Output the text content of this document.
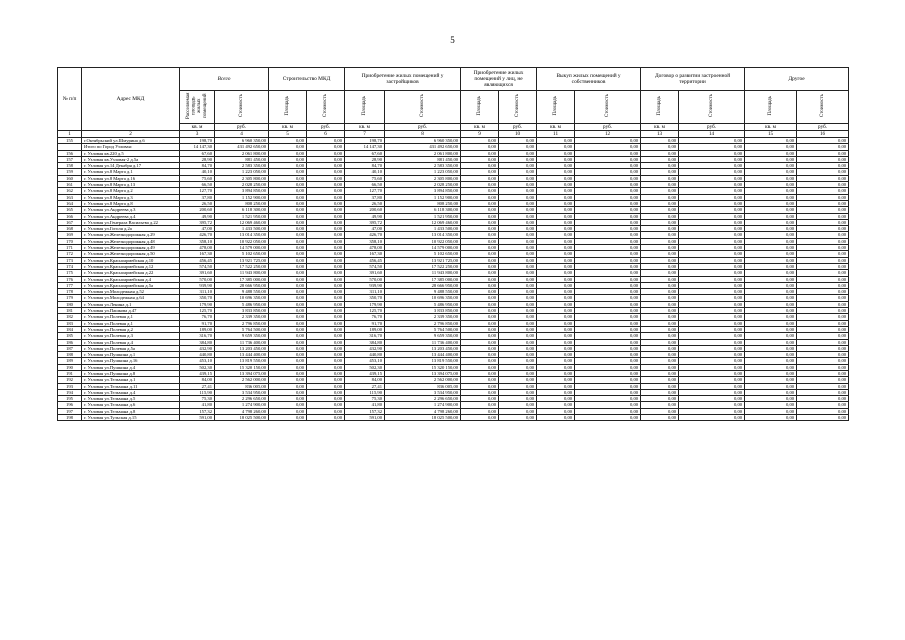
5
№ п/п	Адрес МКД	Всего		Строительство МКД		Приобретение жилых помещений у застройщиков		Приобретение жилых помещений у лиц, не являющихся		Выкуп жилых помещений у собственников		Договор о развитии застроенной территории		Другое	
		Расселяемая площадь жилых помещений	Стоимость	Площадь	Стоимость	Площадь	Стоимость	Площадь	Стоимость	Площадь	Стоимость	Площадь	Стоимость	Площадь	Стоимость
		кв. м	руб.	кв. м	руб.	кв. м	руб.	кв. м	руб.	кв. м	руб.	кв. м	руб.	кв. м	руб.
1	2	3	4	5	6	7	8	9	10	11	12	13	14	15	16
155	г.Октябрьский ул.Шмурина д.6	198,70	6 960 350,00	0,00	0,00	198,70	6 960 350,00	0,00	0,00	0,00	0,00	0,00	0,00	0,00	0,00
	Итого по Город Узловая:	14 147,30	431 492 650,00	0,00	0,00	14 147,30	431 492 650,00	0,00	0,00	0,00	0,00	0,00	0,00	0,00	0,00
156	г. Узловая кв.220 д.5	67,60	2 061 800,00	0,00	0,00	67,60	2 061 800,00	0,00	0,00	0,00	0,00	0,00	0,00	0,00	0,00
157	г. Узловая кв.Узловая-2 д.5а	28,90	881 450,00	0,00	0,00	28,90	881 450,00	0,00	0,00	0,00	0,00	0,00	0,00	0,00	0,00
158	г. Узловая ул.14 Декабря д.17	84,70	2 583 350,00	0,00	0,00	84,70	2 583 350,00	0,00	0,00	0,00	0,00	0,00	0,00	0,00	0,00
159	г. Узловая ул.8 Марта д.1	40,10	1 223 050,00	0,00	0,00	40,10	1 223 050,00	0,00	0,00	0,00	0,00	0,00	0,00	0,00	0,00
160	г. Узловая ул.8 Марта д.16	75,60	2 305 800,00	0,00	0,00	75,60	2 305 800,00	0,00	0,00	0,00	0,00	0,00	0,00	0,00	0,00
161	г. Узловая ул.8 Марта д.13	66,50	2 028 250,00	0,00	0,00	66,50	2 028 250,00	0,00	0,00	0,00	0,00	0,00	0,00	0,00	0,00
162	г. Узловая ул.8 Марта д.2	127,70	3 894 850,00	0,00	0,00	127,70	3 894 850,00	0,00	0,00	0,00	0,00	0,00	0,00	0,00	0,00
163	г. Узловая ул.8 Марта д.3	37,80	1 152 900,00	0,00	0,00	37,80	1 152 900,00	0,00	0,00	0,00	0,00	0,00	0,00	0,00	0,00
164	г. Узловая ул.8 Марта д.8	26,50	808 250,00	0,00	0,00	26,50	808 250,00	0,00	0,00	0,00	0,00	0,00	0,00	0,00	0,00
165	г. Узловая ул.Андреева д.3	200,60	6 118 300,00	0,00	0,00	200,60	6 118 300,00	0,00	0,00	0,00	0,00	0,00	0,00	0,00	0,00
166	г. Узловая ул.Андреева д.4	49,90	1 521 950,00	0,00	0,00	49,90	1 521 950,00	0,00	0,00	0,00	0,00	0,00	0,00	0,00	0,00
167	г. Узловая ул.Генерала Васильева д.22	395,72	12 069 460,00	0,00	0,00	395,72	12 069 460,00	0,00	0,00	0,00	0,00	0,00	0,00	0,00	0,00
168	г. Узловая ул.Гоголя д.2а	47,00	1 433 500,00	0,00	0,00	47,00	1 433 500,00	0,00	0,00	0,00	0,00	0,00	0,00	0,00	0,00
169	г. Узловая ул.Железнодорожная д.29	426,70	13 014 350,00	0,00	0,00	426,70	13 014 350,00	0,00	0,00	0,00	0,00	0,00	0,00	0,00	0,00
170	г. Узловая ул.Железнодорожная д.48	358,10	10 922 050,00	0,00	0,00	358,10	10 922 050,00	0,00	0,00	0,00	0,00	0,00	0,00	0,00	0,00
171	г. Узловая ул.Железнодорожная д.49	478,00	14 579 000,00	0,00	0,00	478,00	14 579 000,00	0,00	0,00	0,00	0,00	0,00	0,00	0,00	0,00
172	г. Узловая ул.Железнодорожная д.50	167,30	5 102 650,00	0,00	0,00	167,30	5 102 650,00	0,00	0,00	0,00	0,00	0,00	0,00	0,00	0,00
173	г. Узловая ул.Красноармейская д.10	456,45	13 921 725,00	0,00	0,00	456,45	13 921 725,00	0,00	0,00	0,00	0,00	0,00	0,00	0,00	0,00
174	г. Узловая ул.Красноармейская д.12	574,50	17 522 250,00	0,00	0,00	574,50	17 522 250,00	0,00	0,00	0,00	0,00	0,00	0,00	0,00	0,00
175	г. Узловая ул.Красноармейская д.22	391,60	11 943 800,00	0,00	0,00	391,60	11 943 800,00	0,00	0,00	0,00	0,00	0,00	0,00	0,00	0,00
176	г. Узловая ул.Красноармейская д.4	570,00	17 385 000,00	0,00	0,00	570,00	17 385 000,00	0,00	0,00	0,00	0,00	0,00	0,00	0,00	0,00
177	г. Узловая ул.Красноармейская д.5а	939,90	28 666 950,00	0,00	0,00	939,90	28 666 950,00	0,00	0,00	0,00	0,00	0,00	0,00	0,00	0,00
178	г. Узловая ул.Молодежная д.52	311,10	9 488 550,00	0,00	0,00	311,10	9 488 550,00	0,00	0,00	0,00	0,00	0,00	0,00	0,00	0,00
179	г. Узловая ул.Молодежная д.64	350,70	10 696 350,00	0,00	0,00	350,70	10 696 350,00	0,00	0,00	0,00	0,00	0,00	0,00	0,00	0,00
180	г. Узловая ул.Ленина д.1	179,90	5 486 950,00	0,00	0,00	179,90	5 486 950,00	0,00	0,00	0,00	0,00	0,00	0,00	0,00	0,00
181	г. Узловая ул.Пашкова д.47	125,70	3 833 850,00	0,00	0,00	125,70	3 833 850,00	0,00	0,00	0,00	0,00	0,00	0,00	0,00	0,00
182	г. Узловая ул.Полевая д.1	76,70	2 339 350,00	0,00	0,00	76,70	2 339 350,00	0,00	0,00	0,00	0,00	0,00	0,00	0,00	0,00
183	г. Узловая ул.Полевая д.1	91,70	2 796 850,00	0,00	0,00	91,70	2 796 850,00	0,00	0,00	0,00	0,00	0,00	0,00	0,00	0,00
184	г. Узловая ул.Полевая д.2	189,00	5 764 500,00	0,00	0,00	189,00	5 764 500,00	0,00	0,00	0,00	0,00	0,00	0,00	0,00	0,00
185	г. Узловая ул.Полевая д.3	316,70	9 659 350,00	0,00	0,00	316,70	9 659 350,00	0,00	0,00	0,00	0,00	0,00	0,00	0,00	0,00
186	г. Узловая ул.Полевая д.4	384,80	11 736 400,00	0,00	0,00	384,80	11 736 400,00	0,00	0,00	0,00	0,00	0,00	0,00	0,00	0,00
187	г. Узловая ул.Полевая д.5а	432,90	13 203 450,00	0,00	0,00	432,90	13 203 450,00	0,00	0,00	0,00	0,00	0,00	0,00	0,00	0,00
188	г. Узловая ул.Пушкина д.1	440,80	13 444 400,00	0,00	0,00	440,80	13 444 400,00	0,00	0,00	0,00	0,00	0,00	0,00	0,00	0,00
189	г. Узловая ул.Пушкина д.16	453,10	13 819 550,00	0,00	0,00	453,10	13 819 550,00	0,00	0,00	0,00	0,00	0,00	0,00	0,00	0,00
190	г. Узловая ул.Пушкина д.4	502,30	15 320 150,00	0,00	0,00	502,30	15 320 150,00	0,00	0,00	0,00	0,00	0,00	0,00	0,00	0,00
191	г. Узловая ул.Пушкина д.8	439,15	13 394 075,00	0,00	0,00	439,15	13 394 075,00	0,00	0,00	0,00	0,00	0,00	0,00	0,00	0,00
192	г. Узловая ул.Тельмана д.1	84,00	2 562 000,00	0,00	0,00	84,00	2 562 000,00	0,00	0,00	0,00	0,00	0,00	0,00	0,00	0,00
193	г. Узловая ул.Тельмана д.11	27,41	836 005,00	0,00	0,00	27,41	836 005,00	0,00	0,00	0,00	0,00	0,00	0,00	0,00	0,00
194	г. Узловая ул.Тельмана д.4	115,90	3 534 950,00	0,00	0,00	115,90	3 534 950,00	0,00	0,00	0,00	0,00	0,00	0,00	0,00	0,00
195	г. Узловая ул.Тельмана д.5	75,30	2 296 650,00	0,00	0,00	75,30	2 296 650,00	0,00	0,00	0,00	0,00	0,00	0,00	0,00	0,00
196	г. Узловая ул.Тельмана д.6	41,80	1 274 900,00	0,00	0,00	41,80	1 274 900,00	0,00	0,00	0,00	0,00	0,00	0,00	0,00	0,00
197	г. Узловая ул.Тельмана д.8	157,32	4 798 260,00	0,00	0,00	157,32	4 798 260,00	0,00	0,00	0,00	0,00	0,00	0,00	0,00	0,00
198	г. Узловая ул.Тульская д.15	591,00	18 025 500,00	0,00	0,00	591,00	18 025 500,00	0,00	0,00	0,00	0,00	0,00	0,00	0,00	0,00
